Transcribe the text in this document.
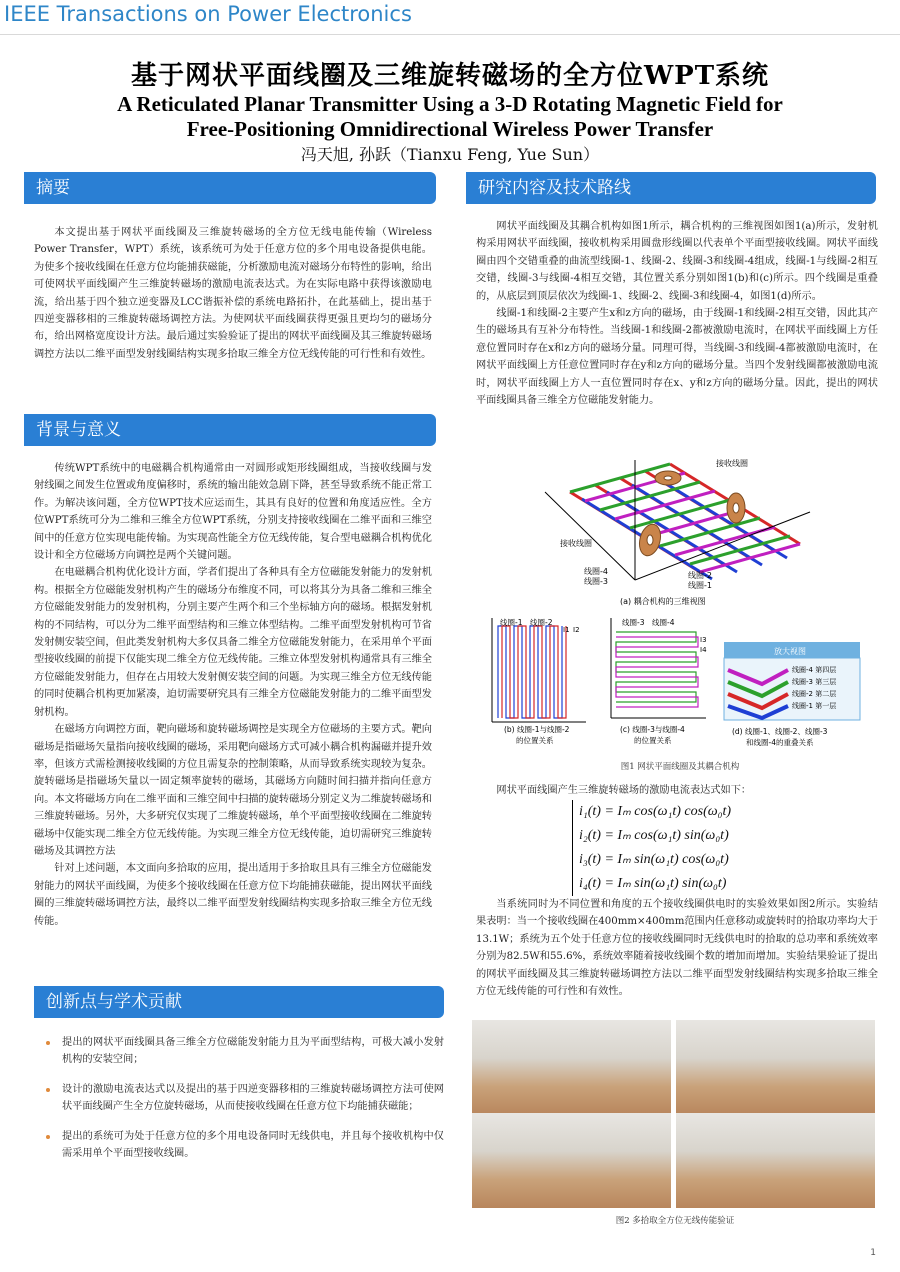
IEEE Transactions on Power Electronics
基于网状平面线圈及三维旋转磁场的全方位WPT系统
A Reticulated Planar Transmitter Using a 3-D Rotating Magnetic Field for
Free-Positioning Omnidirectional Wireless Power Transfer
冯天旭, 孙跃（Tianxu Feng, Yue Sun）
摘要

本文提出基于网状平面线圈及三维旋转磁场的全方位无线电能传输（Wireless Power Transfer，WPT）系统，该系统可为处于任意方位的多个用电设备提供电能。为使多个接收线圈在任意方位均能捕获磁能，分析激励电流对磁场分布特性的影响，给出可使网状平面线圈产生三维旋转磁场的激励电流表达式。为在实际电路中获得该激励电流，给出基于四个独立逆变器及LCC谐振补偿的系统电路拓扑，在此基础上，提出基于四逆变器移相的三维旋转磁场调控方法。为使网状平面线圈获得更强且更均匀的磁场分布，给出网格宽度设计方法。最后通过实验验证了提出的网状平面线圈及其三维旋转磁场调控方法以二维平面型发射线圈结构实现多拾取三维全方位无线传能的可行性和有效性。

背景与意义

传统WPT系统中的电磁耦合机构通常由一对圆形或矩形线圈组成，当接收线圈与发射线圈之间发生位置或角度偏移时，系统的输出能效急剧下降，甚至导致系统不能正常工作。为解决该问题，全方位WPT技术应运而生，其具有良好的位置和角度适应性。全方位WPT系统可分为二维和三维全方位WPT系统，分别支持接收线圈在二维平面和三维空间中的任意方位实现电能传输。为实现高性能全方位无线传能，复合型电磁耦合机构优化设计和全方位磁场方向调控是两个关键问题。

在电磁耦合机构优化设计方面，学者们提出了各种具有全方位磁能发射能力的发射机构。根据全方位磁能发射机构产生的磁场分布维度不同，可以将其分为具备二维和三维全方位磁能发射能力的发射机构，分别主要产生两个和三个坐标轴方向的磁场。根据发射机构的不同结构，可以分为二维平面型结构和三维立体型结构。二维平面型发射机构可节省发射侧安装空间，但此类发射机构大多仅具备二维全方位磁能发射能力，在采用单个平面型接收线圈的前提下仅能实现二维全方位无线传能。三维立体型发射机构通常具有三维全方位磁能发射能力，但存在占用较大发射侧安装空间的问题。为实现三维全方位无线传能的同时使耦合机构更加紧凑，迫切需要研究具有三维全方位磁能发射能力的二维平面型发射机构。

在磁场方向调控方面，靶向磁场和旋转磁场调控是实现全方位磁场的主要方式。靶向磁场是指磁场矢量指向接收线圈的磁场，采用靶向磁场方式可减小耦合机构漏磁并提升效率，但该方式需检测接收线圈的方位且需复杂的控制策略，从而导致系统实现较为复杂。旋转磁场是指磁场矢量以一固定频率旋转的磁场，其磁场方向随时间扫描并指向任意方向。本文将磁场方向在二维平面和三维空间中扫描的旋转磁场分别定义为二维旋转磁场和三维旋转磁场。另外，大多研究仅实现了二维旋转磁场，单个平面型接收线圈在二维旋转磁场中仅能实现二维全方位无线传能。为实现三维全方位无线传能，迫切需研究三维旋转磁场及其调控方法

针对上述问题，本文面向多拾取的应用，提出适用于多拾取且具有三维全方位磁能发射能力的网状平面线圈，为使多个接收线圈在任意方位下均能捕获磁能，提出网状平面线圈的三维旋转磁场调控方法，最终以二维平面型发射线圈结构实现多拾取三维全方位无线传能。

创新点与学术贡献
提出的网状平面线圈具备三维全方位磁能发射能力且为平面型结构，可极大减小发射机构的安装空间；
设计的激励电流表达式以及提出的基于四逆变器移相的三维旋转磁场调控方法可使网状平面线圈产生全方位旋转磁场，从而使接收线圈在任意方位下均能捕获磁能；
提出的系统可为处于任意方位的多个用电设备同时无线供电，并且每个接收机构中仅需采用单个平面型接收线圈。
研究内容及技术路线

网状平面线圈及其耦合机构如图1所示，耦合机构的三维视图如图1(a)所示，发射机构采用网状平面线圈，接收机构采用圆盘形线圈以代表单个平面型接收线圈。网状平面线圈由四个交错重叠的曲流型线圈-1、线圈-2、线圈-3和线圈-4组成，线圈-1与线圈-2相互交错，线圈-3与线圈-4相互交错，其位置关系分别如图1(b)和(c)所示。四个线圈是重叠的，从底层到顶层依次为线圈-1、线圈-2、线圈-3和线圈-4，如图1(d)所示。

线圈-1和线圈-2主要产生x和z方向的磁场，由于线圈-1和线圈-2相互交错，因此其产生的磁场具有互补分布特性。当线圈-1和线圈-2都被激励电流时，在网状平面线圈上方任意位置同时存在x和z方向的磁场分量。同理可得，当线圈-3和线圈-4都被激励电流时，在网状平面线圈上方任意位置同时存在y和z方向的磁场分量。当四个发射线圈都被激励电流时，网状平面线圈上方人一直位置同时存在x、y和z方向的磁场分量。因此，提出的网状平面线圈具备三维全方位磁能发射能力。

接收线圈
接收线圈
线圈-4
线圈-3
线圈-2
线圈-1
(a) 耦合机构的三维视图
线圈-1 线圈-2
I1 I2
(b) 线圈-1与线圈-2
的位置关系
线圈-3 线圈-4
I3
I4
(c) 线圈-3与线圈-4
的位置关系
放大视图
线圈-4 第四层
线圈-3 第三层
线圈-2 第二层
线圈-1 第一层
(d) 线圈-1、线圈-2、线圈-3
和线圈-4的重叠关系
图1 网状平面线圈及其耦合机构

网状平面线圈产生三维旋转磁场的激励电流表达式如下：

i₁(t) = Iₘ cos(ω₁t) cos(ω₀t)
i₂(t) = Iₘ cos(ω₁t) sin(ω₀t)
i₃(t) = Iₘ sin(ω₁t) cos(ω₀t)
i₄(t) = Iₘ sin(ω₁t) sin(ω₀t)

当系统同时为不同位置和角度的五个接收线圈供电时的实验效果如图2所示。实验结果表明：当一个接收线圈在400mm×400mm范围内任意移动或旋转时的拾取功率均大于13.1W；系统为五个处于任意方位的接收线圈同时无线供电时的拾取的总功率和系统效率分别为82.5W和55.6%，系统效率随着接收线圈个数的增加而增加。实验结果验证了提出的网状平面线圈及其三维旋转磁场调控方法以二维平面型发射线圈结构实现多拾取三维全方位无线传能的可行性和有效性。

图2 多拾取全方位无线传能验证
1
